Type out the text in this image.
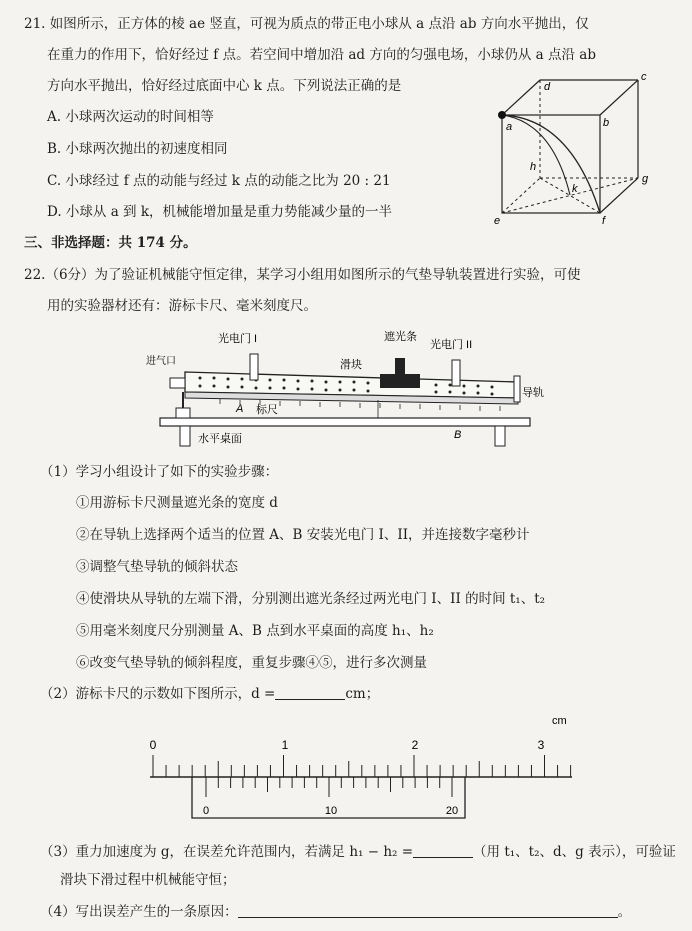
21. 如图所示，正方体的棱 ae 竖直，可视为质点的带正电小球从 a 点沿 ab 方向水平抛出，仅
在重力的作用下，恰好经过 f 点。若空间中增加沿 ad 方向的匀强电场，小球仍从 a 点沿 ab
方向水平抛出，恰好经过底面中心 k 点。下列说法正确的是
A. 小球两次运动的时间相等
B. 小球两次抛出的初速度相同
C. 小球经过 f 点的动能与经过 k 点的动能之比为 20 : 21
D. 小球从 a 到 k，机械能增加量是重力势能减少量的一半
a	b
c
d
e	f
g
h
k
三、非选择题：共 174 分。
22.（6分）为了验证机械能守恒定律，某学习小组用如图所示的气垫导轨装置进行实验，可使
用的实验器材还有：游标卡尺、毫米刻度尺。
光电门 I	光电门 II
遮光条
滑块
进气口
标尺
导轨
A
B
水平桌面
（1）学习小组设计了如下的实验步骤：
①用游标卡尺测量遮光条的宽度 d
②在导轨上选择两个适当的位置 A、B 安装光电门 I、II，并连接数字毫秒计
③调整气垫导轨的倾斜状态
④使滑块从导轨的左端下滑，分别测出遮光条经过两光电门 I、II 的时间 t₁、t₂
⑤用毫米刻度尺分别测量 A、B 点到水平桌面的高度 h₁、h₂
⑥改变气垫导轨的倾斜程度，重复步骤④⑤，进行多次测量
（2）游标卡尺的示数如下图所示，d =	cm；
cm
0	1	2	3
0	10	20
（3）重力加速度为 g，在误差允许范围内，若满足 h₁ − h₂ =	（用 t₁、t₂、d、g 表示），可验证
滑块下滑过程中机械能守恒；
（4）写出误差产生的一条原因：	。
